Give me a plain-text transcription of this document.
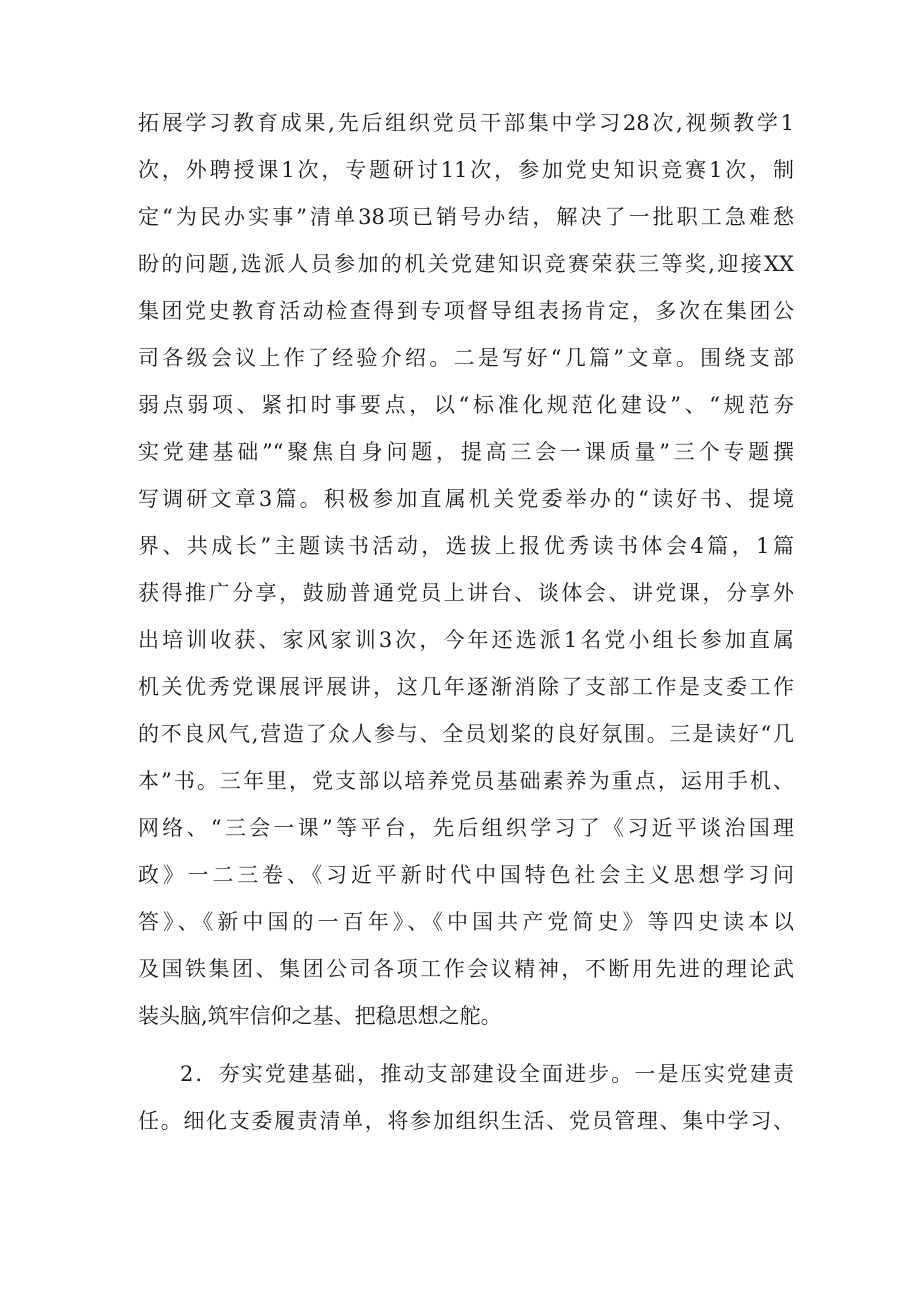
拓展学习教育成果,先后组织党员干部集中学习28次,视频教学1
次，外聘授课1次，专题研讨11次，参加党史知识竞赛1次，制
定“为民办实事”清单38项已销号办结，解决了一批职工急难愁
盼的问题,选派人员参加的机关党建知识竞赛荣获三等奖,迎接XX
集团党史教育活动检查得到专项督导组表扬肯定，多次在集团公
司各级会议上作了经验介绍。二是写好“几篇”文章。围绕支部
弱点弱项、紧扣时事要点，以“标准化规范化建设”、“规范夯
实党建基础”“聚焦自身问题，提高三会一课质量”三个专题撰
写调研文章3篇。积极参加直属机关党委举办的“读好书、提境
界、共成长”主题读书活动，选拔上报优秀读书体会4篇，1篇
获得推广分享，鼓励普通党员上讲台、谈体会、讲党课，分享外
出培训收获、家风家训3次，今年还选派1名党小组长参加直属
机关优秀党课展评展讲，这几年逐渐消除了支部工作是支委工作
的不良风气,营造了众人参与、全员划桨的良好氛围。三是读好“几
本”书。三年里，党支部以培养党员基础素养为重点，运用手机、
网络、“三会一课”等平台，先后组织学习了《习近平谈治国理
政》一二三卷、《习近平新时代中国特色社会主义思想学习问
答》、《新中国的一百年》、《中国共产党简史》等四史读本以
及国铁集团、集团公司各项工作会议精神，不断用先进的理论武
装头脑,筑牢信仰之基、把稳思想之舵。
2．夯实党建基础，推动支部建设全面进步。一是压实党建责
任。细化支委履责清单，将参加组织生活、党员管理、集中学习、
